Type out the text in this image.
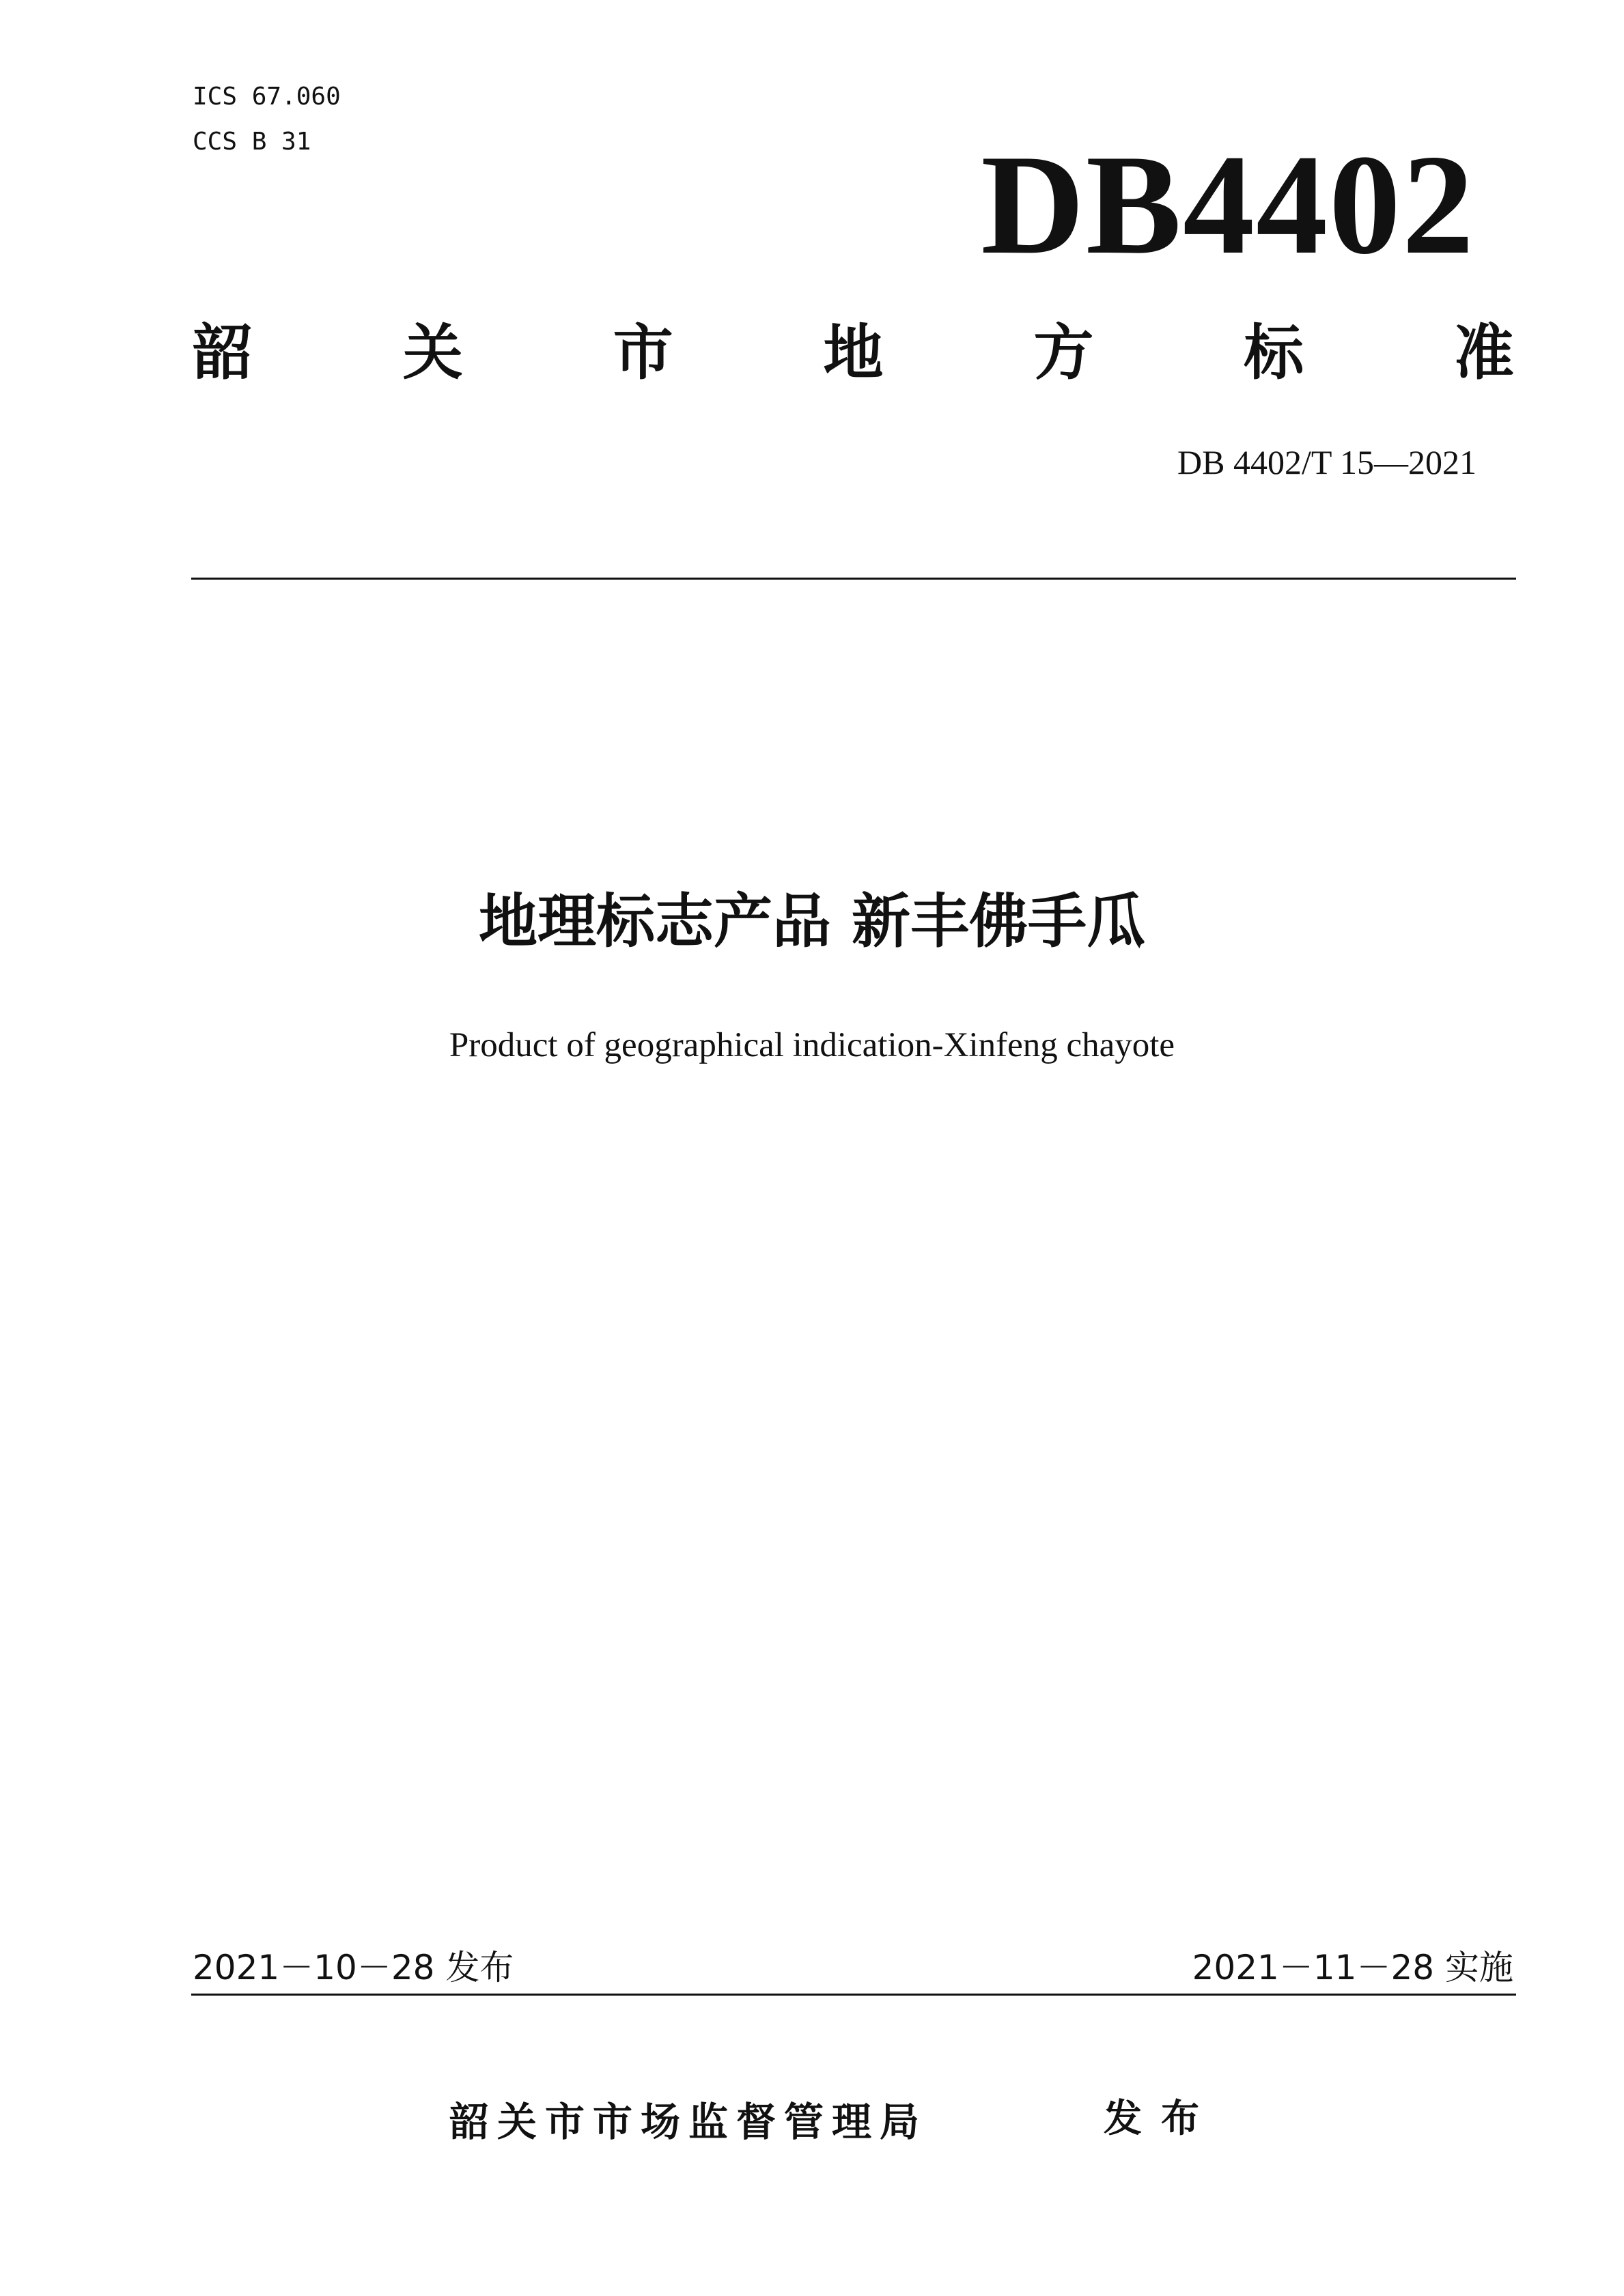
ICS 67.060
CCS B 31	DB4402
韶 关 市 地 方 标 准
DB 4402/T 15—2021
地理标志产品 新丰佛手瓜
Product of geographical indication-Xinfeng chayote
2021－10－28 发布	2021－11－28 实施
韶关市市场监督管理局	发布
